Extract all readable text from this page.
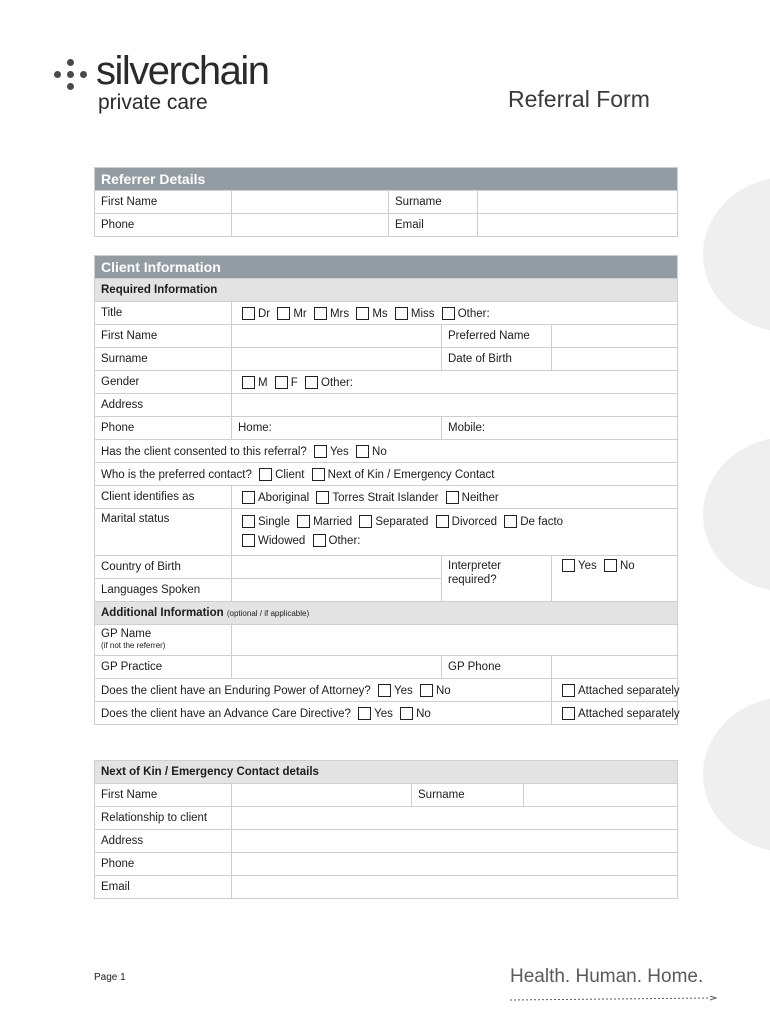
silverchain
private care	Referral Form
Referrer Details			
First Name		Surname	
Phone		Email	
Client Information			
Required Information			
Title	Dr Mr Mrs Ms Miss Other:		
First Name		Preferred Name	
Surname		Date of Birth	
Gender	M F Other:		
Address			
Phone	Home:	Mobile:	
Has the client consented to this referral? Yes No			
Who is the preferred contact? Client Next of Kin / Emergency Contact			
Client identifies as	Aboriginal Torres Strait Islander Neither		
Marital status	Single Married Separated Divorced De facto
Widowed Other:		
Country of Birth		Interpreter required?	Yes No
Languages Spoken			
Additional Information (optional / if applicable)			

GP Name
(if not the referrer)			

GP Practice		GP Phone	
Does the client have an Enduring Power of Attorney? Yes No			Attached separately
Does the client have an Advance Care Directive? Yes No			Attached separately
Next of Kin / Emergency Contact details			
First Name		Surname	
Relationship to client			
Address			
Phone			
Email			
Page 1	Health. Human. Home.
